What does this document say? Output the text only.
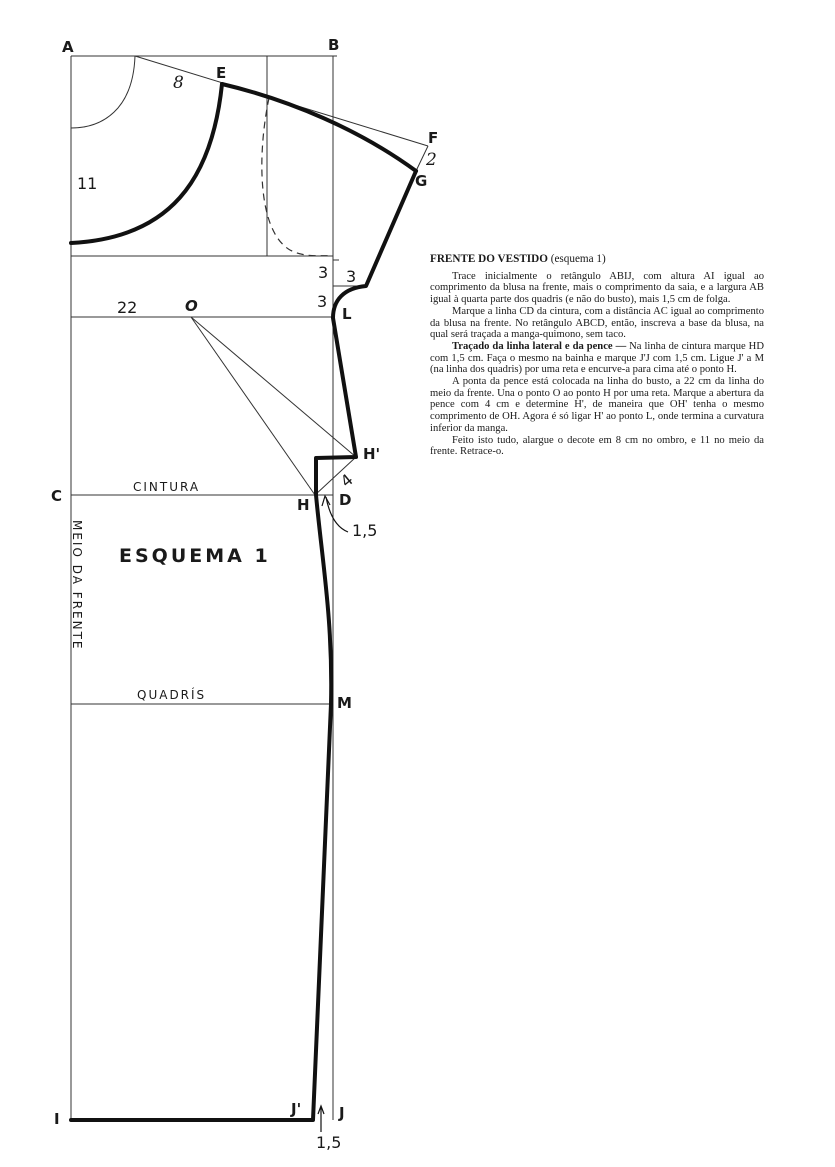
A	B
E
F
G
L
O
H'
C	H D
M
I
J'	J
8
11
2
3 3
3
22
4
1,5
1,5
CINTURA
QUADRÍS
MEIO DA FRENTE ESQUEMA 1
FRENTE DO VESTIDO (esquema 1)

Trace inicialmente o retângulo ABIJ, com altura AI igual ao comprimento da blusa na frente, mais o comprimento da saia, e a largura AB igual à quarta parte dos quadris (e não do busto), mais 1,5 cm de folga.

Marque a linha CD da cintura, com a distância AC igual ao comprimento da blusa na frente. No retângulo ABCD, então, inscreva a base da blusa, na qual será traçada a manga-quimono, sem taco.

Traçado da linha lateral e da pence — Na linha de cintura marque HD com 1,5 cm. Faça o mesmo na bainha e marque J'J com 1,5 cm. Ligue J' a M (na linha dos quadris) por uma reta e encurve-a para cima até o ponto H.

A ponta da pence está colocada na linha do busto, a 22 cm da linha do meio da frente. Una o ponto O ao ponto H por uma reta. Marque a abertura da pence com 4 cm e determine H', de maneira que OH' tenha o mesmo comprimento de OH. Agora é só ligar H' ao ponto L, onde termina a curvatura inferior da manga.

Feito isto tudo, alargue o decote em 8 cm no ombro, e 11 no meio da frente. Retrace-o.
